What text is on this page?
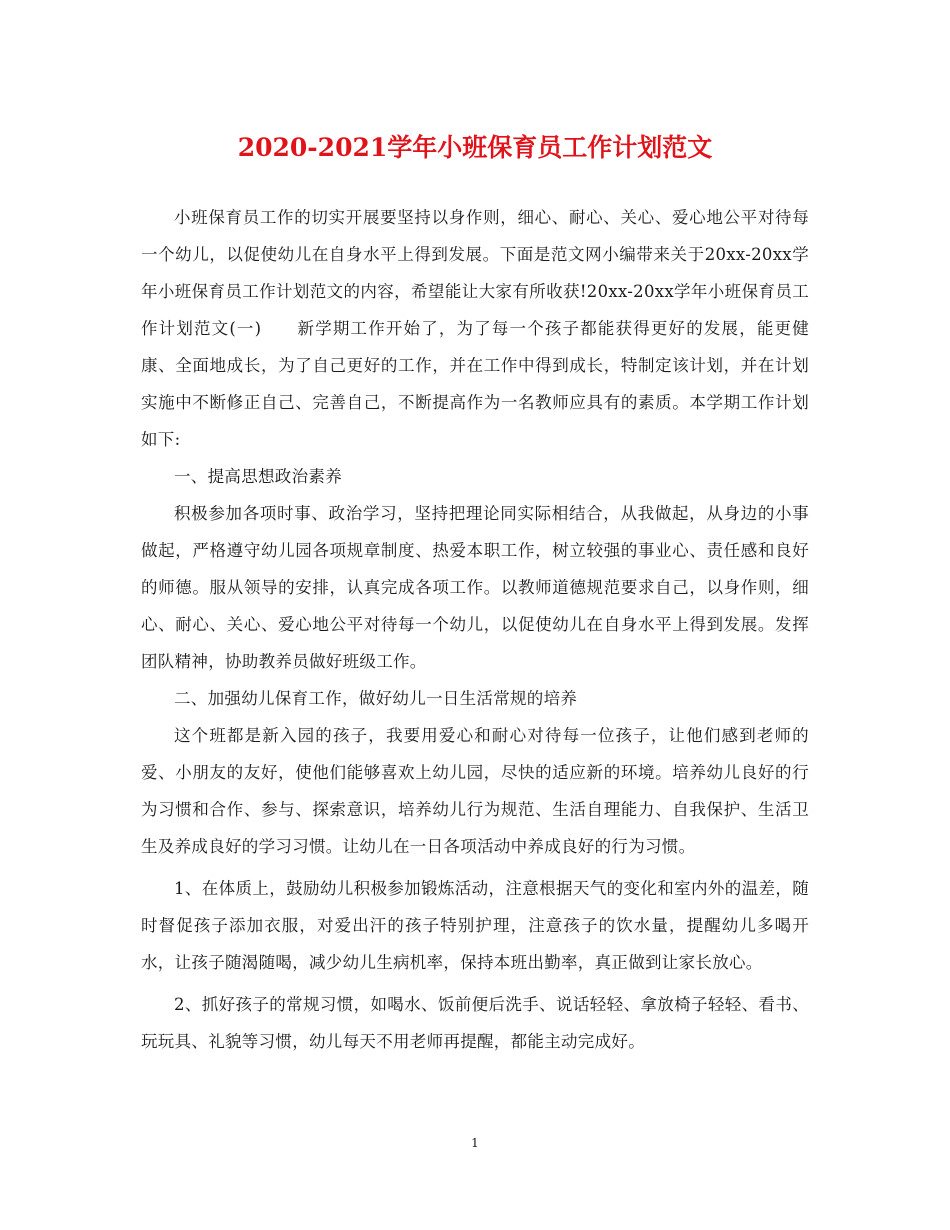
2020-2021学年小班保育员工作计划范文

小班保育员工作的切实开展要坚持以身作则，细心、耐心、关心、爱心地公平对待每一个幼儿，以促使幼儿在自身水平上得到发展。下面是范文网小编带来关于20xx-20xx学年小班保育员工作计划范文的内容，希望能让大家有所收获!20xx-20xx学年小班保育员工作计划范文(一)　　新学期工作开始了，为了每一个孩子都能获得更好的发展，能更健康、全面地成长，为了自己更好的工作，并在工作中得到成长，特制定该计划，并在计划实施中不断修正自己、完善自己，不断提高作为一名教师应具有的素质。本学期工作计划如下:

一、提高思想政治素养

积极参加各项时事、政治学习，坚持把理论同实际相结合，从我做起，从身边的小事做起，严格遵守幼儿园各项规章制度、热爱本职工作，树立较强的事业心、责任感和良好的师德。服从领导的安排，认真完成各项工作。以教师道德规范要求自己，以身作则，细心、耐心、关心、爱心地公平对待每一个幼儿，以促使幼儿在自身水平上得到发展。发挥团队精神，协助教养员做好班级工作。

二、加强幼儿保育工作，做好幼儿一日生活常规的培养

这个班都是新入园的孩子，我要用爱心和耐心对待每一位孩子，让他们感到老师的爱、小朋友的友好，使他们能够喜欢上幼儿园，尽快的适应新的环境。培养幼儿良好的行为习惯和合作、参与、探索意识，培养幼儿行为规范、生活自理能力、自我保护、生活卫生及养成良好的学习习惯。让幼儿在一日各项活动中养成良好的行为习惯。

1、在体质上，鼓励幼儿积极参加锻炼活动，注意根据天气的变化和室内外的温差，随时督促孩子添加衣服，对爱出汗的孩子特别护理，注意孩子的饮水量，提醒幼儿多喝开水，让孩子随渴随喝，减少幼儿生病机率，保持本班出勤率，真正做到让家长放心。

2、抓好孩子的常规习惯，如喝水、饭前便后洗手、说话轻轻、拿放椅子轻轻、看书、玩玩具、礼貌等习惯，幼儿每天不用老师再提醒，都能主动完成好。

1
